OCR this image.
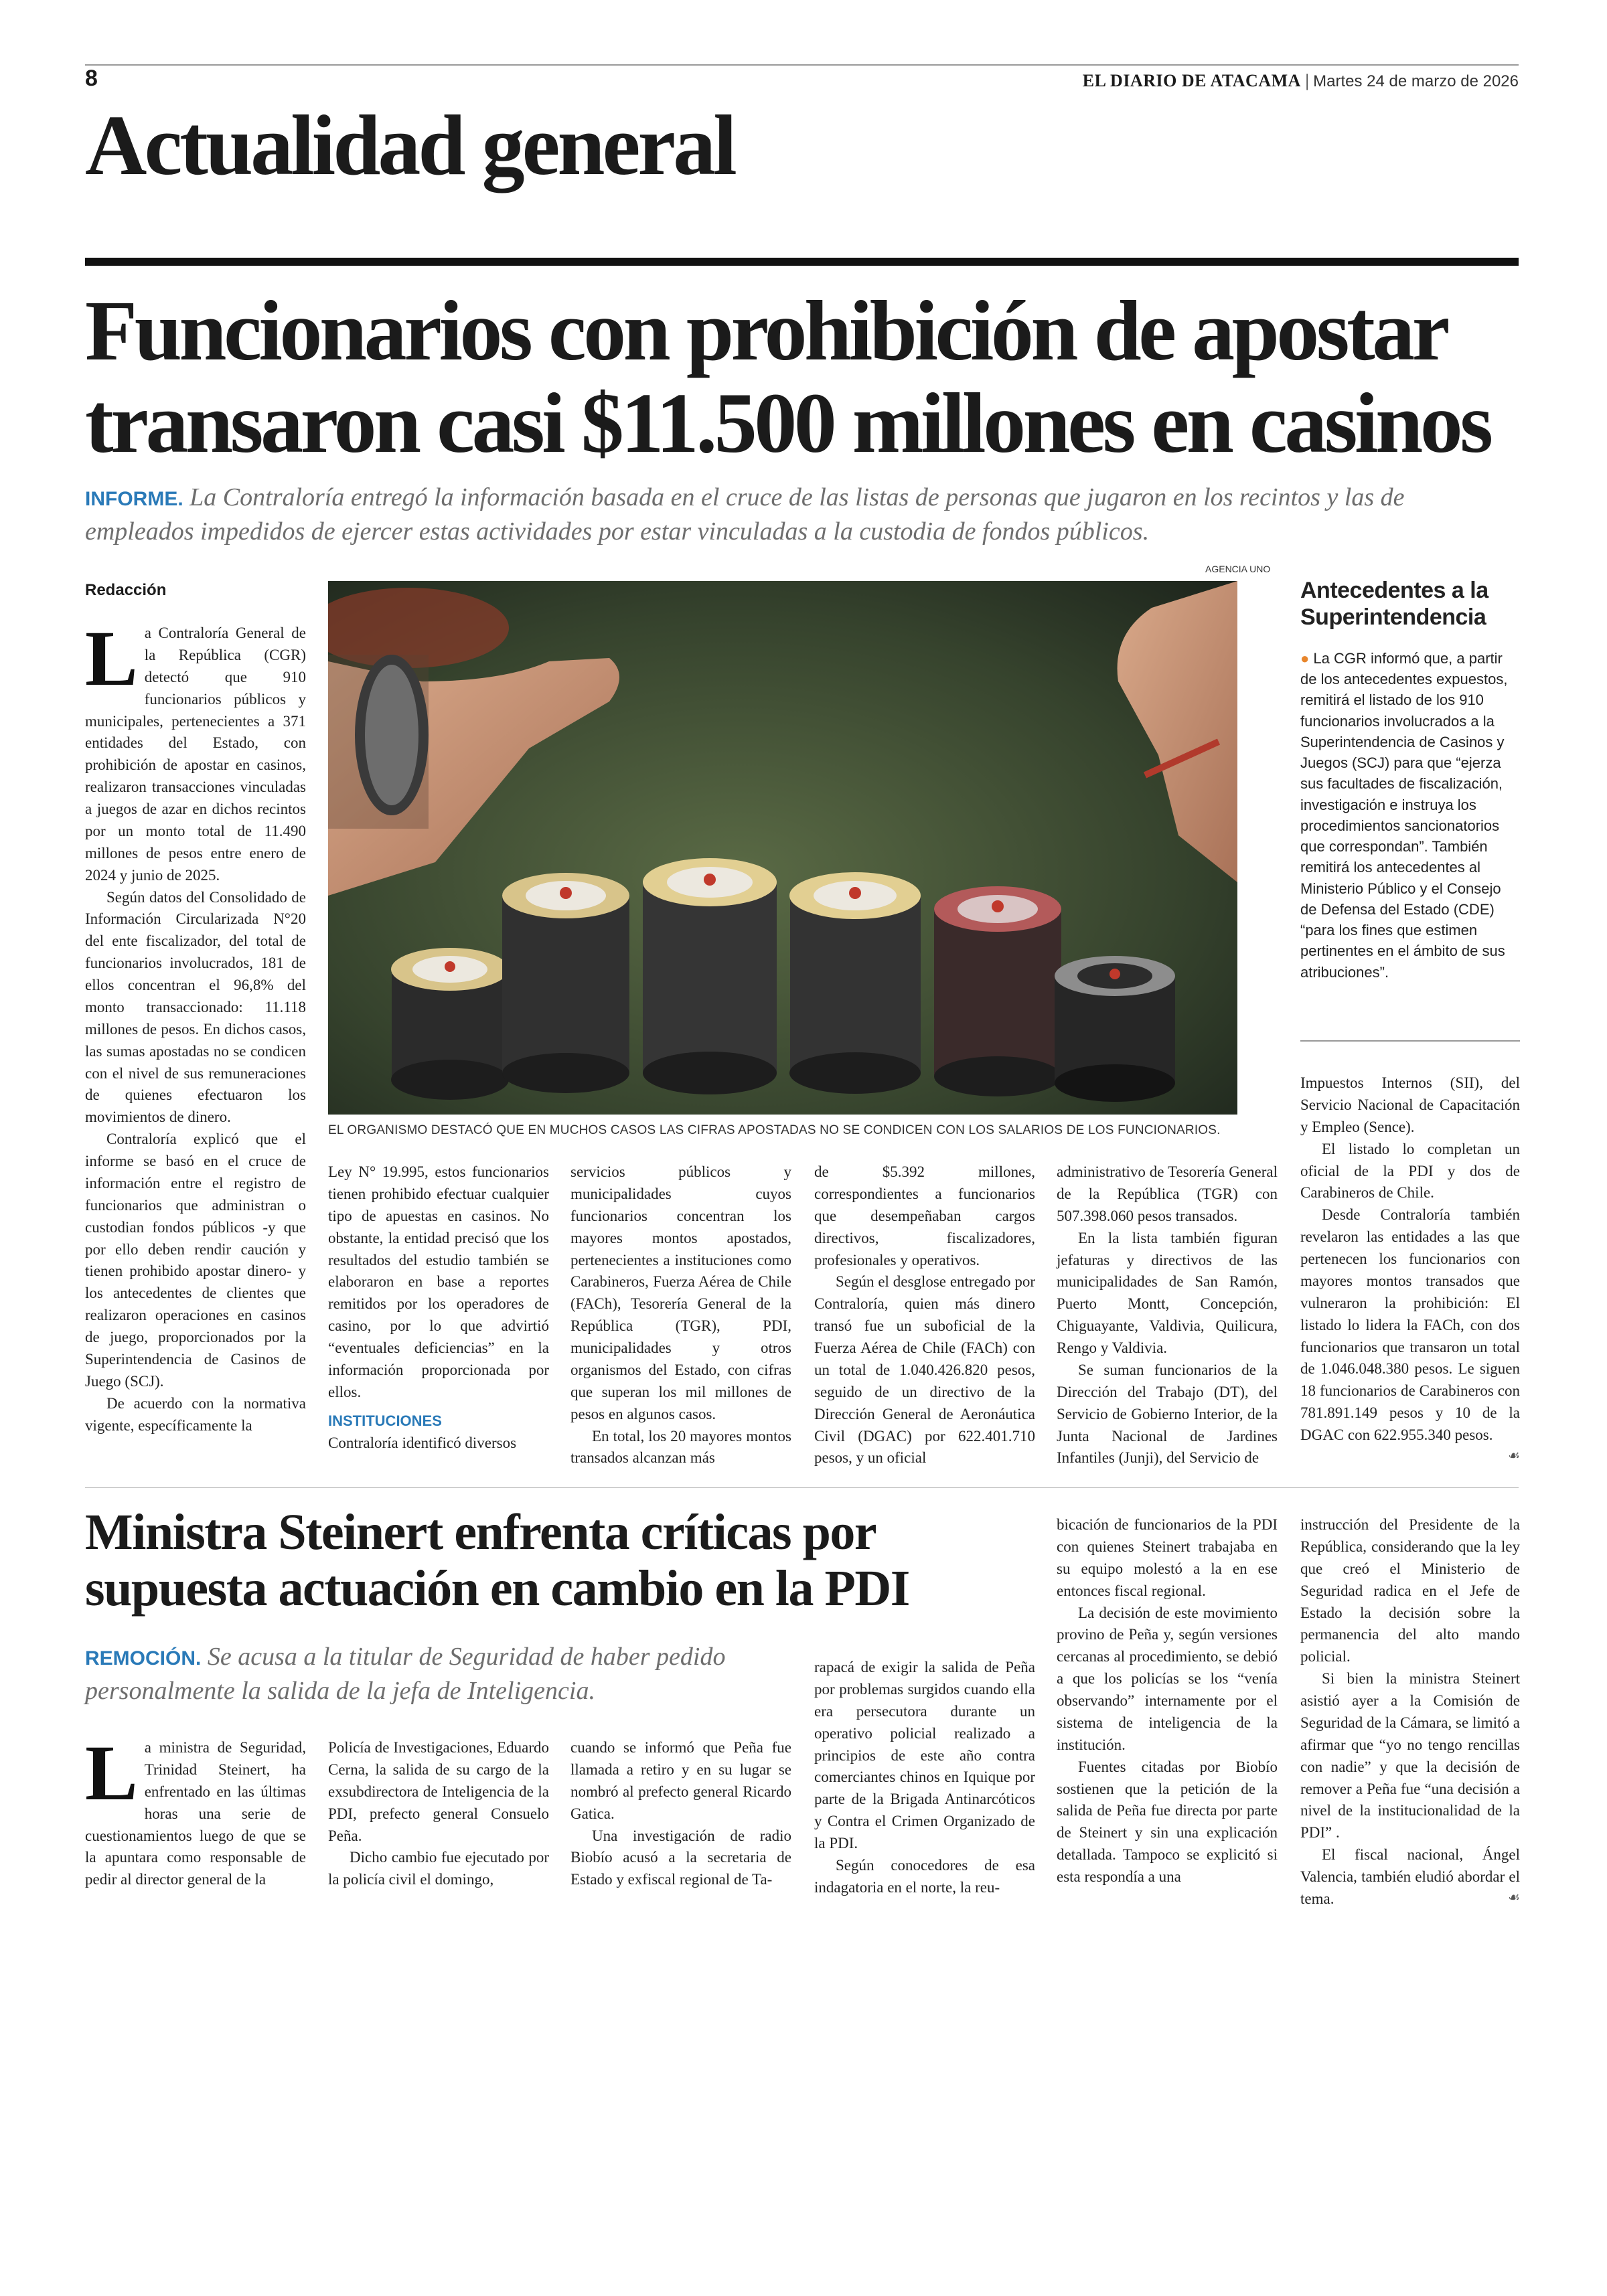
8	EL DIARIO DE ATACAMA | Martes 24 de marzo de 2026
Actualidad general
Funcionarios con prohibición de apostar
transaron casi $11.500 millones en casinos
INFORME. La Contraloría entregó la información basada en el cruce de las listas de personas que jugaron en los recintos y las de empleados impedidos de ejercer estas actividades por estar vinculadas a la custodia de fondos públicos.
Redacción

La Contraloría General de la República (CGR) detectó que 910 funcionarios públicos y municipales, pertenecientes a 371 entidades del Estado, con prohibición de apostar en casinos, realizaron transacciones vinculadas a juegos de azar en dichos recintos por un monto total de 11.490 millones de pesos entre enero de 2024 y junio de 2025.

Según datos del Consolidado de Información Circularizada N°20 del ente fiscalizador, del total de funcionarios involucrados, 181 de ellos concentran el 96,8% del monto transaccionado: 11.118 millones de pesos. En dichos casos, las sumas apostadas no se condicen con el nivel de sus remuneraciones de quienes efectuaron los movimientos de dinero.

Contraloría explicó que el informe se basó en el cruce de información entre el registro de funcionarios que administran o custodian fondos públicos -y que por ello deben rendir caución y tienen prohibido apostar dinero- y los antecedentes de clientes que realizaron operaciones en casinos de juego, proporcionados por la Superintendencia de Casinos de Juego (SCJ).

De acuerdo con la normativa vigente, específicamente la

AGENCIA UNO
EL ORGANISMO DESTACÓ QUE EN MUCHOS CASOS LAS CIFRAS APOSTADAS NO SE CONDICEN CON LOS SALARIOS DE LOS FUNCIONARIOS.
Antecedentes a la Superintendencia
● La CGR informó que, a partir de los antecedentes expuestos, remitirá el listado de los 910 funcionarios involucrados a la Superintendencia de Casinos y Juegos (SCJ) para que “ejerza sus facultades de fiscalización, investigación e instruya los procedimientos sancionatorios que correspondan”. También remitirá los antecedentes al Ministerio Público y el Consejo de Defensa del Estado (CDE) “para los fines que estimen pertinentes en el ámbito de sus atribuciones”.

Ley N° 19.995, estos funcionarios tienen prohibido efectuar cualquier tipo de apuestas en casinos. No obstante, la entidad precisó que los resultados del estudio también se elaboraron en base a reportes remitidos por los operadores de casino, por lo que advirtió “eventuales deficiencias” en la información proporcionada por ellos.

INSTITUCIONES

Contraloría identificó diversos

servicios públicos y municipalidades cuyos funcionarios concentran los mayores montos apostados, pertenecientes a instituciones como Carabineros, Fuerza Aérea de Chile (FACh), Tesorería General de la República (TGR), PDI, municipalidades y otros organismos del Estado, con cifras que superan los mil millones de pesos en algunos casos.

En total, los 20 mayores montos transados alcanzan más

de $5.392 millones, correspondientes a funcionarios que desempeñaban cargos directivos, fiscalizadores, profesionales y operativos.

Según el desglose entregado por Contraloría, quien más dinero transó fue un suboficial de la Fuerza Aérea de Chile (FACh) con un total de 1.040.426.820 pesos, seguido de un directivo de la Dirección General de Aeronáutica Civil (DGAC) por 622.401.710 pesos, y un oficial

administrativo de Tesorería General de la República (TGR) con 507.398.060 pesos transados.

En la lista también figuran jefaturas y directivos de las municipalidades de San Ramón, Puerto Montt, Concepción, Chiguayante, Valdivia, Quilicura, Rengo y Valdivia.

Se suman funcionarios de la Dirección del Trabajo (DT), del Servicio de Gobierno Interior, de la Junta Nacional de Jardines Infantiles (Junji), del Servicio de

Impuestos Internos (SII), del Servicio Nacional de Capacitación y Empleo (Sence).

El listado lo completan un oficial de la PDI y dos de Carabineros de Chile.

Desde Contraloría también revelaron las entidades a las que pertenecen los funcionarios con mayores montos transados que vulneraron la prohibición: El listado lo lidera la FACh, con dos funcionarios que transaron un total de 1.046.048.380 pesos. Le siguen 18 funcionarios de Carabineros con 781.891.149 pesos y 10 de la DGAC con 622.955.340 pesos.
☙

Ministra Steinert enfrenta críticas por
supuesta actuación en cambio en la PDI
REMOCIÓN. Se acusa a la titular de Seguridad de haber pedido personalmente la salida de la jefa de Inteligencia.

La ministra de Seguridad, Trinidad Steinert, ha enfrentado en las últimas horas una serie de cuestionamientos luego de que se la apuntara como responsable de pedir al director general de la

Policía de Investigaciones, Eduardo Cerna, la salida de su cargo de la exsubdirectora de Inteligencia de la PDI, prefecto general Consuelo Peña.

Dicho cambio fue ejecutado por la policía civil el domingo,

cuando se informó que Peña fue llamada a retiro y en su lugar se nombró al prefecto general Ricardo Gatica.

Una investigación de radio Biobío acusó a la secretaria de Estado y exfiscal regional de Ta-

rapacá de exigir la salida de Peña por problemas surgidos cuando ella era persecutora durante un operativo policial realizado a principios de este año contra comerciantes chinos en Iquique por parte de la Brigada Antinarcóticos y Contra el Crimen Organizado de la PDI.

Según conocedores de esa indagatoria en el norte, la reu-

bicación de funcionarios de la PDI con quienes Steinert trabajaba en su equipo molestó a la en ese entonces fiscal regional.

La decisión de este movimiento provino de Peña y, según versiones cercanas al procedimiento, se debió a que los policías se los “venía observando” internamente por el sistema de inteligencia de la institución.

Fuentes citadas por Biobío sostienen que la petición de la salida de Peña fue directa por parte de Steinert y sin una explicación detallada. Tampoco se explicitó si esta respondía a una

instrucción del Presidente de la República, considerando que la ley que creó el Ministerio de Seguridad radica en el Jefe de Estado la decisión sobre la permanencia del alto mando policial.

Si bien la ministra Steinert asistió ayer a la Comisión de Seguridad de la Cámara, se limitó a afirmar que “yo no tengo rencillas con nadie” y que la decisión de remover a Peña fue “una decisión a nivel de la institucionalidad de la PDI” .

El fiscal nacional, Ángel Valencia, también eludió abordar el tema.	☙
